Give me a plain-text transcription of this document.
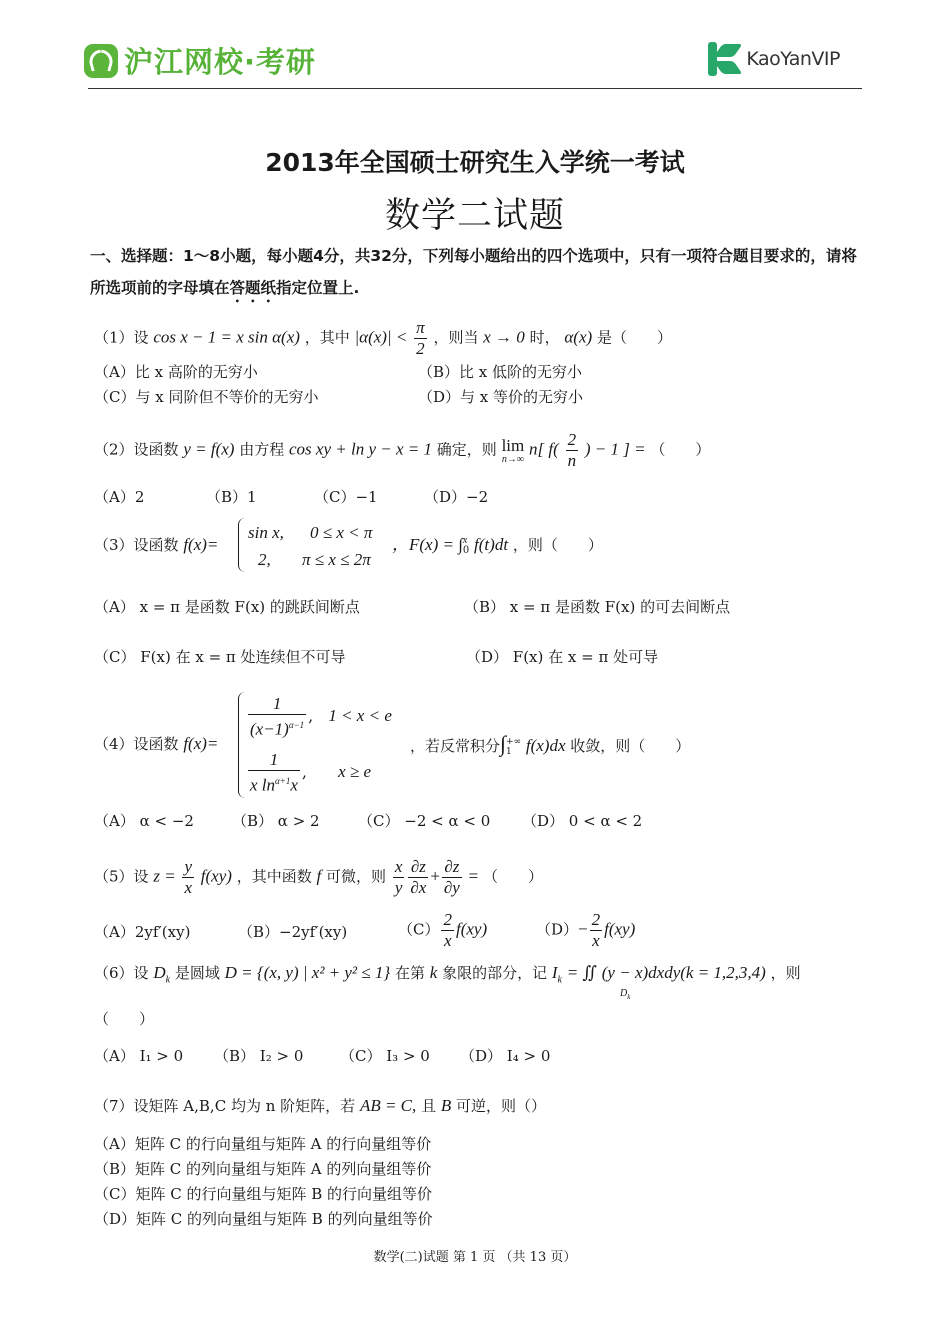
沪江网校·考研	KaoYanVIP
2013年全国硕士研究生入学统一考试
数学二试题
一、选择题：1～8小题，每小题4分，共32分，下列每小题给出的四个选项中，只有一项符合题目要求的，请将所选项前的字母填在答题纸指定位置上.
（1）设 cos x − 1 = x sin α(x) ，其中 $|\alpha(x)| < \frac{\pi}{2}$ ，则当 x → 0 时， α(x) 是（　　）
（A）比 x 高阶的无穷小	（B）比 x 低阶的无穷小
（C）与 x 同阶但不等价的无穷小	（D）与 x 等价的无穷小
（2）设函数 y = f(x) 由方程 cos xy + ln y − x = 1 确定，则 lim
n→∞
n[ $f( \frac{2}{n}$ ) − 1 ] = （　　）
（A）2	（B）1	（C）−1	（D）−2
（3）设函数 f(x)=
sin x, 0 ≤ x < π
2, π ≤ x ≤ 2π
，F(x) = ∫ x
0 f(t)dt ，则（　　）
（A） x = π 是函数 F(x) 的跳跃间断点	（B） x = π 是函数 F(x) 的可去间断点
（C） F(x) 在 x = π 处连续但不可导	（D） F(x) 在 x = π 处可导
（4）设函数 f(x)=
$\frac{1}{(x-1)^{\alpha-1}}$ , 1 < x < e
$\frac{1}{x \ln^{\alpha+1}x}$ , x ≥ e
，若反常积分∫ +∞
1 f(x)dx 收敛，则（　　）
（A） α < −2	（B） α > 2	（C） −2 < α < 0 （D） 0 < α < 2
（5）设 $z = \frac{y}{x} f(xy)$ ，其中函数 f 可微，则 $\frac{x}{y} \frac{\partial z}{\partial x} + \frac{\partial z}{\partial y}$ = （　　）
（A）2yf′(xy)	（B）−2yf′(xy)	$(C) \frac{2}{x} f(xy)$	$(D)- \frac{2}{x} f(xy)$
（6）设 $D_k$ 是圆域 D = {(x, y) | x² + y² ≤ 1} 在第 k 象限的部分，记 $I_k$ = ∬ (y − x)dxdy(k = 1,2,3,4) ，则
$D_k$
（　　）
（A） I₁ > 0 （B） I₂ > 0 （C） I₃ > 0 （D） I₄ > 0
（7）设矩阵 A,B,C 均为 n 阶矩阵，若 AB = C, 且 B 可逆，则（）
（A）矩阵 C 的行向量组与矩阵 A 的行向量组等价
（B）矩阵 C 的列向量组与矩阵 A 的列向量组等价
（C）矩阵 C 的行向量组与矩阵 B 的行向量组等价
（D）矩阵 C 的列向量组与矩阵 B 的列向量组等价
数学(二)试题 第 1 页 （共 13 页）
